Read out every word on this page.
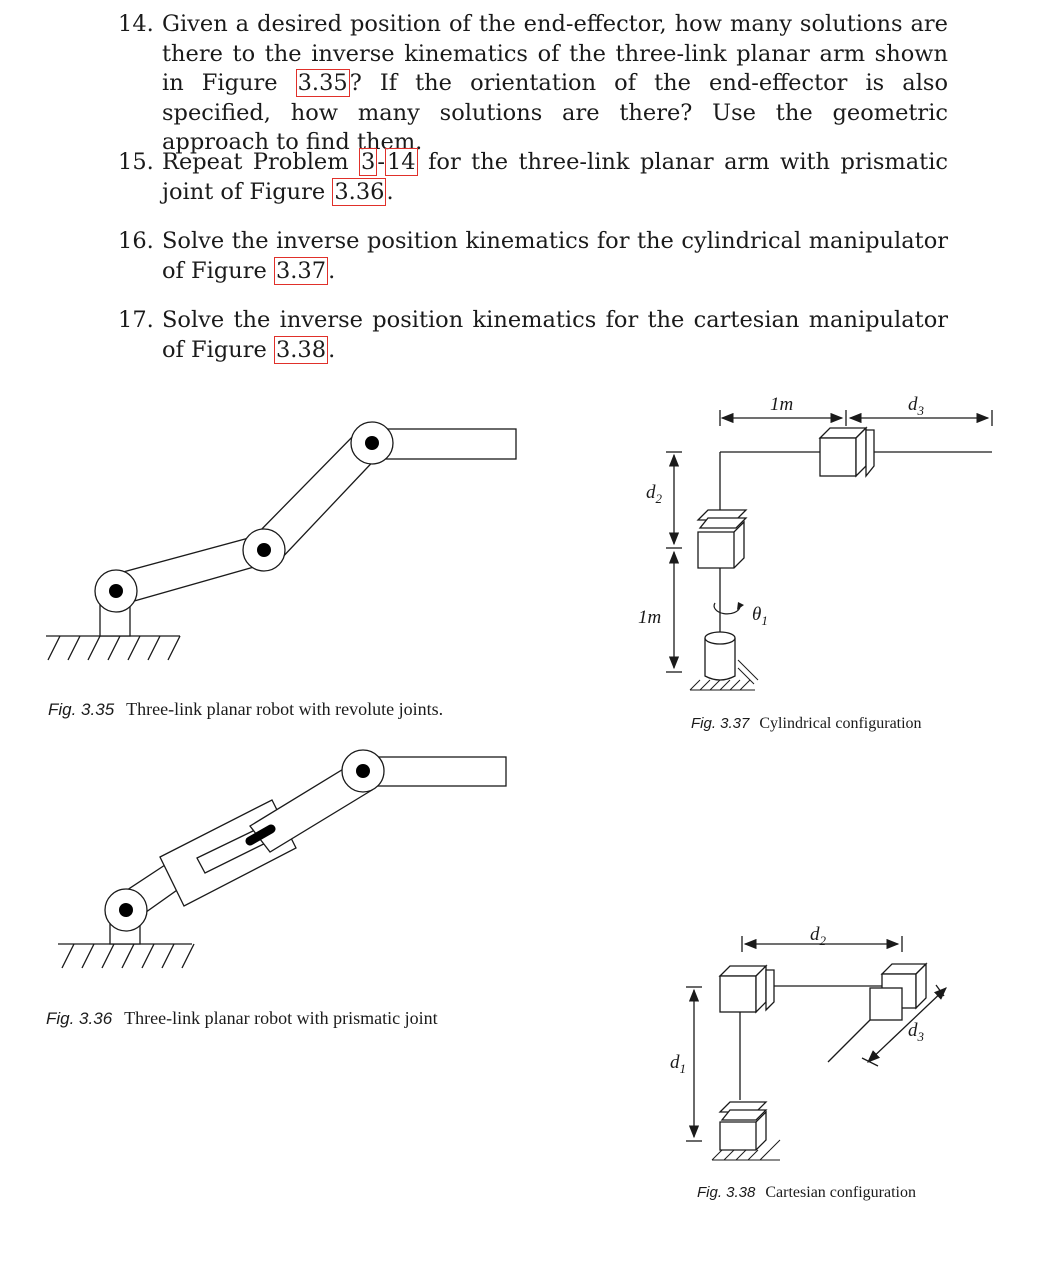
14. Given a desired position of the end-effector, how many solutions are there to the inverse kinematics of the three-link planar arm shown in Figure 3.35? If the orientation of the end-effector is also specified, how many solutions are there? Use the geometric approach to find them.
15. Repeat Problem 3-14 for the three-link planar arm with prismatic joint of Figure 3.36.
16. Solve the inverse position kinematics for the cylindrical manipulator of Figure 3.37.
17. Solve the inverse position kinematics for the cartesian manipulator of Figure 3.38.
1m	$d_3$
$d_2$
1m	$\theta_1$
$d_2$
$d_3$
$d_1$
Fig. 3.35 Three-link planar robot with revolute joints.
Fig. 3.36 Three-link planar robot with prismatic joint
Fig. 3.37 Cylindrical configuration
Fig. 3.38 Cartesian configuration
